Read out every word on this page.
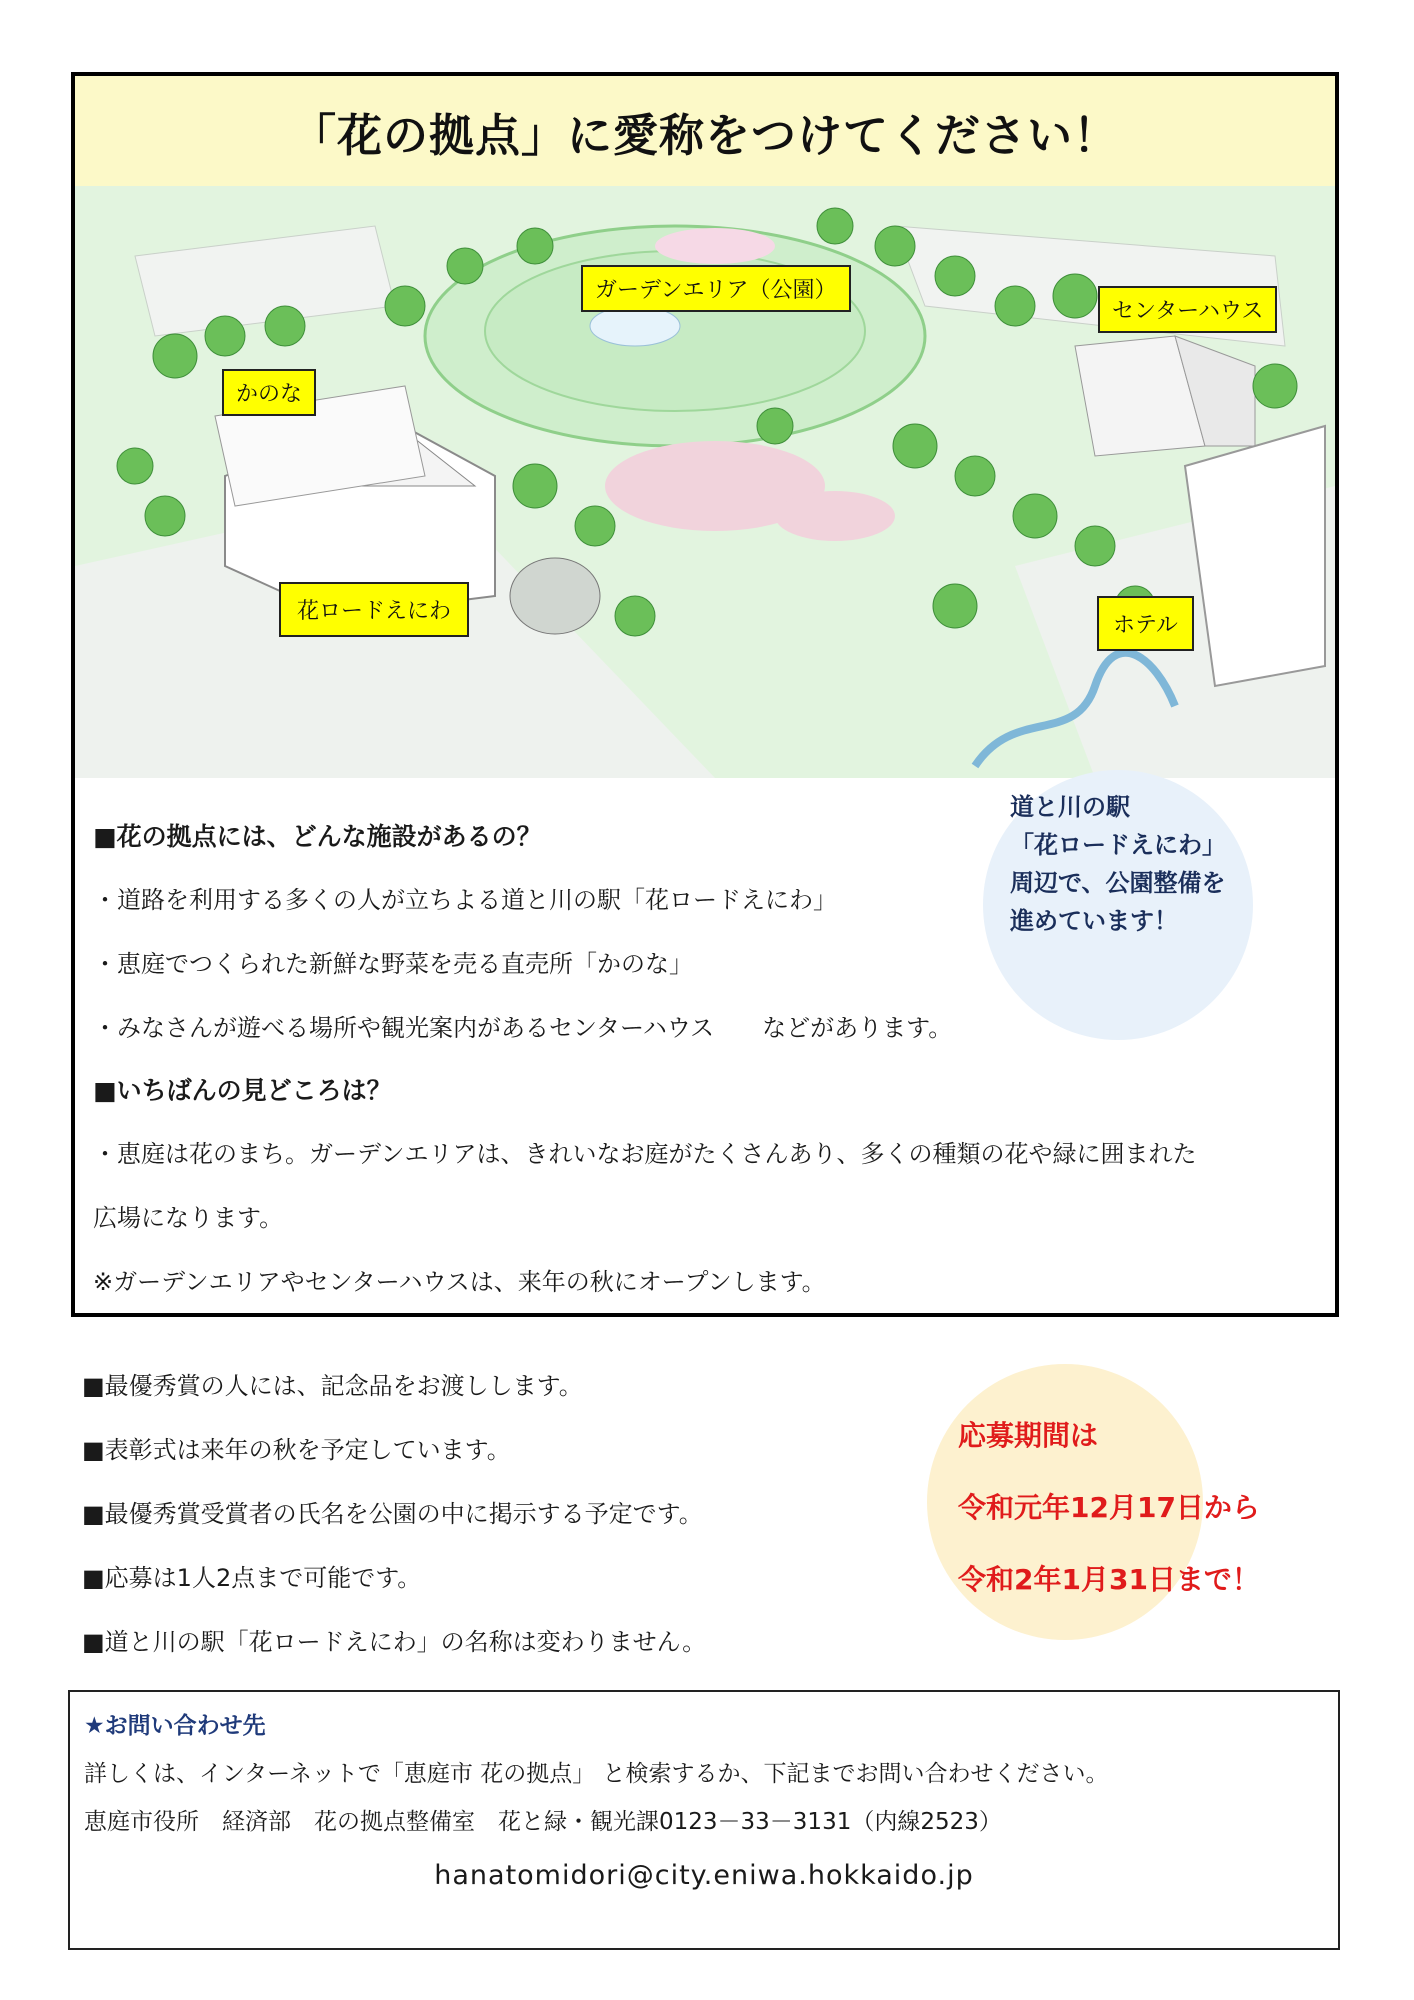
「花の拠点」に愛称をつけてください！
ガーデンエリア（公園）
センターハウス
かのな
花ロードえにわ
ホテル

■花の拠点には、どんな施設があるの？

・道路を利用する多くの人が立ちよる道と川の駅「花ロードえにわ」

・恵庭でつくられた新鮮な野菜を売る直売所「かのな」

・みなさんが遊べる場所や観光案内があるセンターハウス　　などがあります。

■いちばんの見どころは？

・恵庭は花のまち。ガーデンエリアは、きれいなお庭がたくさんあり、多くの種類の花や緑に囲まれた

広場になります。

※ガーデンエリアやセンターハウスは、来年の秋にオープンします。

道と川の駅
「花ロードえにわ」
周辺で、公園整備を
進めています！

■最優秀賞の人には、記念品をお渡しします。

■表彰式は来年の秋を予定しています。

■最優秀賞受賞者の氏名を公園の中に掲示する予定です。

■応募は1人2点まで可能です。

■道と川の駅「花ロードえにわ」の名称は変わりません。

応募期間は
令和元年12月17日から
令和2年1月31日まで！

★お問い合わせ先

詳しくは、インターネットで「恵庭市 花の拠点」 と検索するか、下記までお問い合わせください。

恵庭市役所　経済部　花の拠点整備室　花と緑・観光課0123－33－3131（内線2523）

hanatomidori@city.eniwa.hokkaido.jp
